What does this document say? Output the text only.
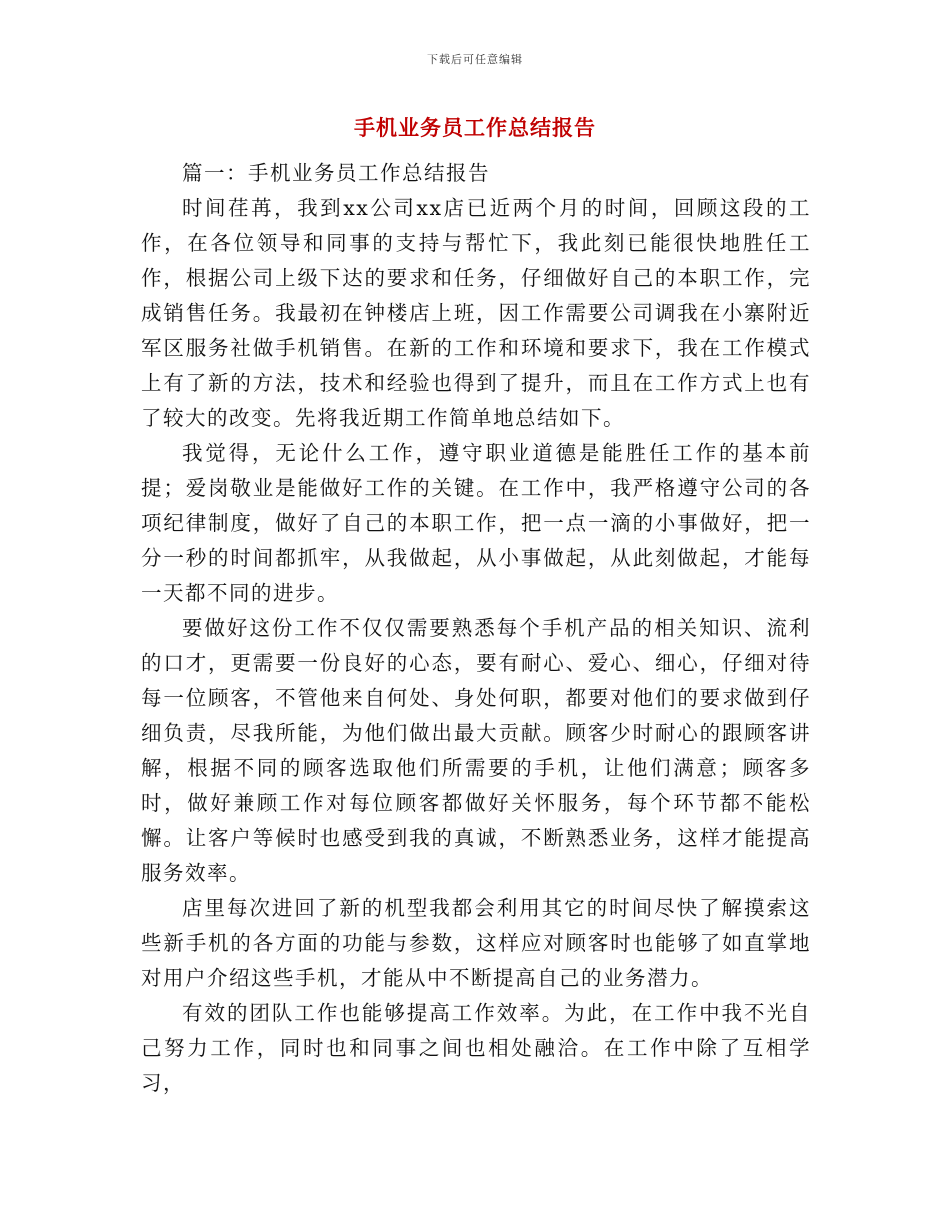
下载后可任意编辑
手机业务员工作总结报告

篇一：手机业务员工作总结报告

时间荏苒，我到xx公司xx店已近两个月的时间，回顾这段的工作，在各位领导和同事的支持与帮忙下，我此刻已能很快地胜任工作，根据公司上级下达的要求和任务，仔细做好自己的本职工作，完成销售任务。我最初在钟楼店上班，因工作需要公司调我在小寨附近军区服务社做手机销售。在新的工作和环境和要求下，我在工作模式上有了新的方法，技术和经验也得到了提升，而且在工作方式上也有了较大的改变。先将我近期工作简单地总结如下。

我觉得，无论什么工作，遵守职业道德是能胜任工作的基本前提；爱岗敬业是能做好工作的关键。在工作中，我严格遵守公司的各项纪律制度，做好了自己的本职工作，把一点一滴的小事做好，把一分一秒的时间都抓牢，从我做起，从小事做起，从此刻做起，才能每一天都不同的进步。

要做好这份工作不仅仅需要熟悉每个手机产品的相关知识、流利的口才，更需要一份良好的心态，要有耐心、爱心、细心，仔细对待每一位顾客，不管他来自何处、身处何职，都要对他们的要求做到仔细负责，尽我所能，为他们做出最大贡献。顾客少时耐心的跟顾客讲解，根据不同的顾客选取他们所需要的手机，让他们满意；顾客多时，做好兼顾工作对每位顾客都做好关怀服务，每个环节都不能松懈。让客户等候时也感受到我的真诚，不断熟悉业务，这样才能提高服务效率。

店里每次进回了新的机型我都会利用其它的时间尽快了解摸索这些新手机的各方面的功能与参数，这样应对顾客时也能够了如直掌地对用户介绍这些手机，才能从中不断提高自己的业务潜力。

有效的团队工作也能够提高工作效率。为此，在工作中我不光自己努力工作，同时也和同事之间也相处融洽。在工作中除了互相学习，
